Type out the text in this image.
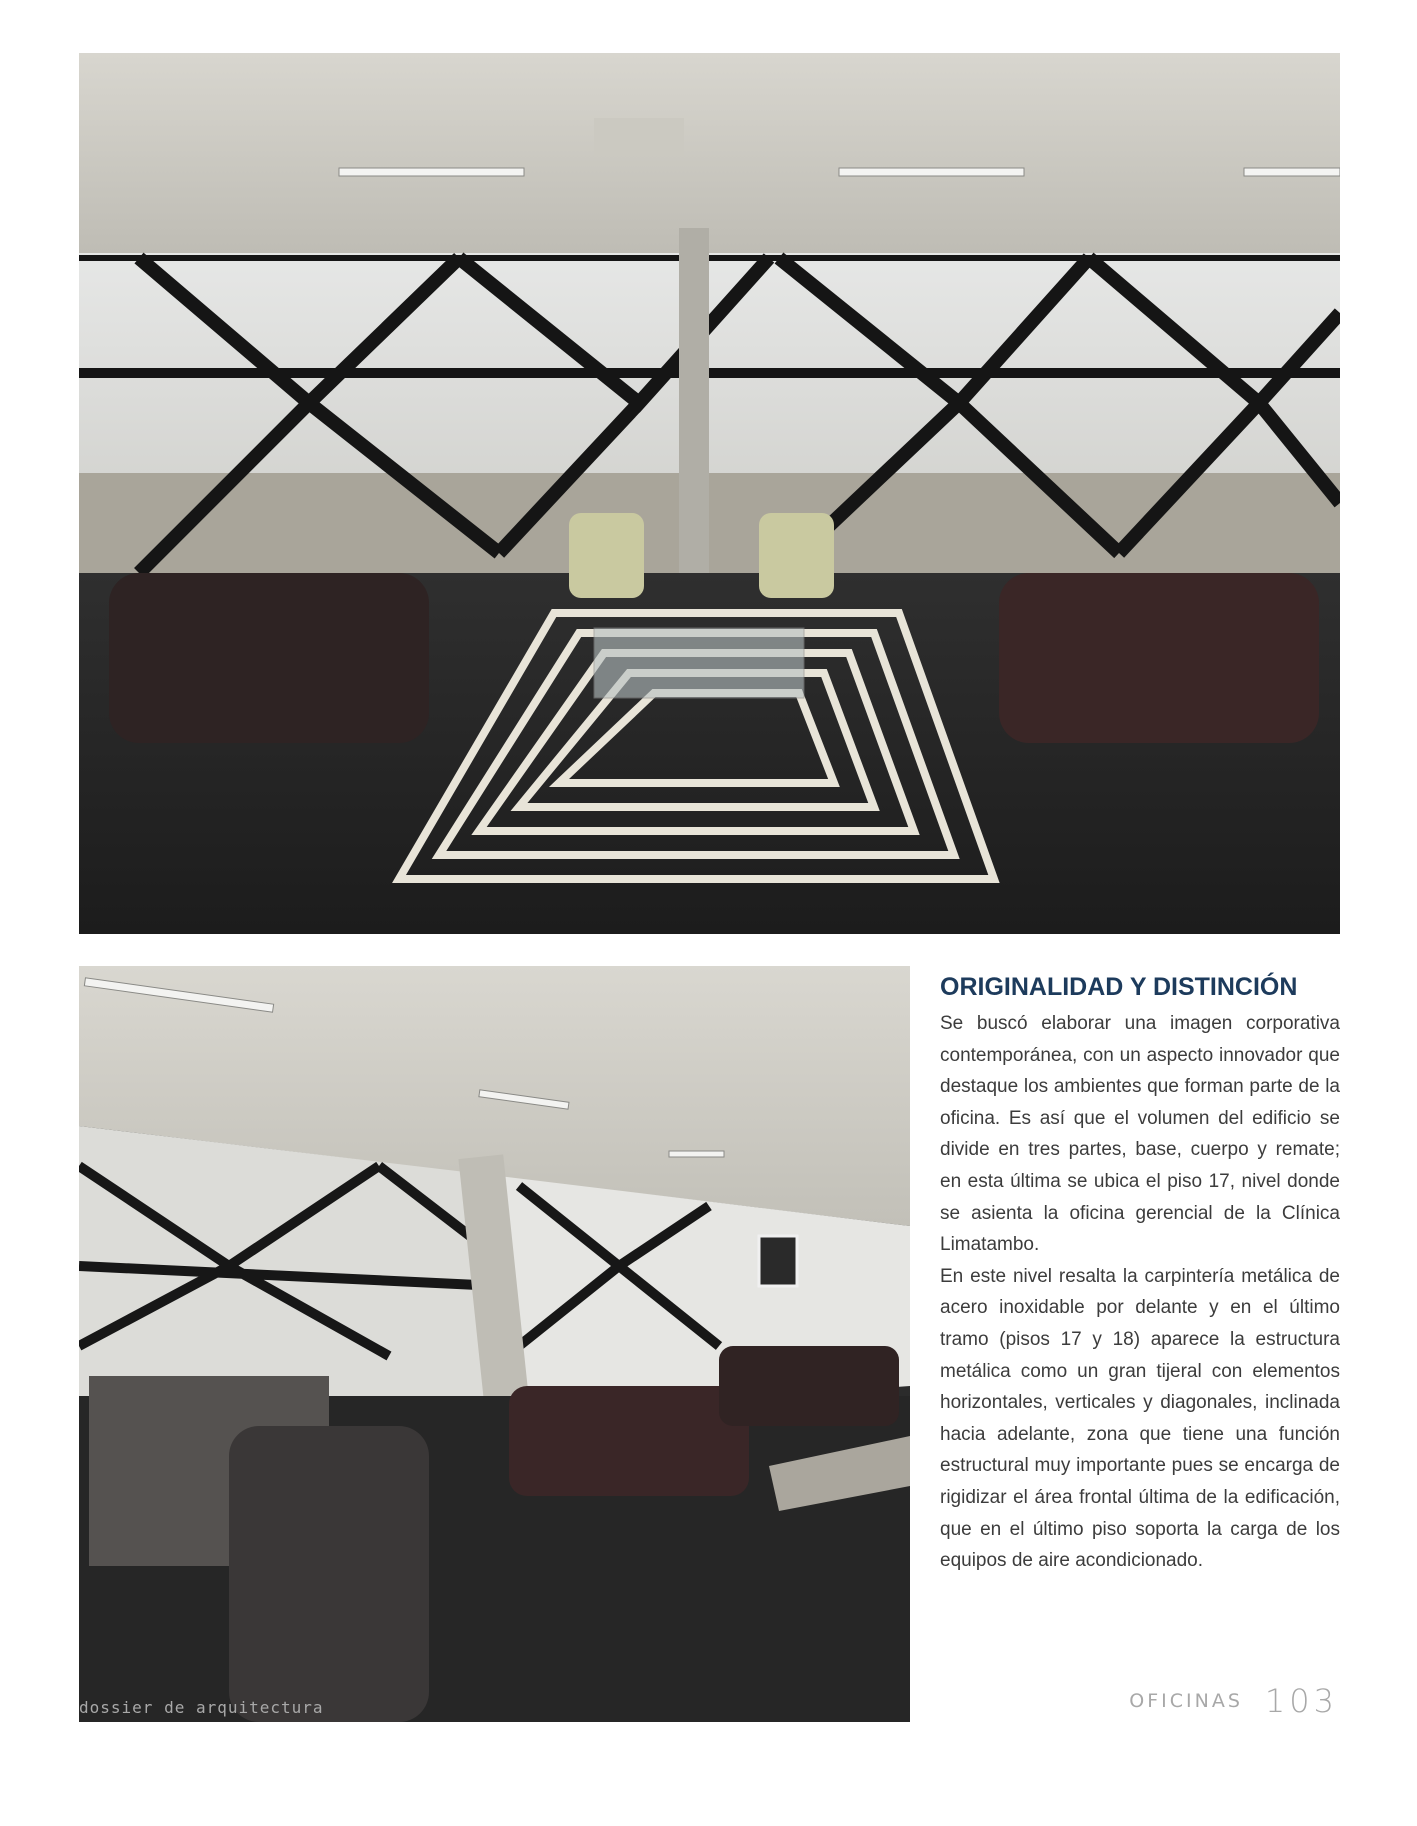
ORIGINALIDAD Y DISTINCIÓN

Se buscó elaborar una imagen corporativa contemporánea, con un aspecto innovador que destaque los ambientes que forman parte de la oficina. Es así que el volumen del edificio se divide en tres partes, base, cuerpo y remate; en esta última se ubica el piso 17, nivel donde se asienta la oficina gerencial de la Clínica Limatambo.

En este nivel resalta la carpintería metálica de acero inoxidable por delante y en el último tramo (pisos 17 y 18) aparece la estructura metálica como un gran tijeral con elementos horizontales, verticales y diagonales, inclinada hacia adelante, zona que tiene una función estructural muy importante pues se encarga de rigidizar el área frontal última de la edificación, que en el último piso soporta la carga de los equipos de aire acondicionado.

dossier de arquitectura	OFICINAS 103
